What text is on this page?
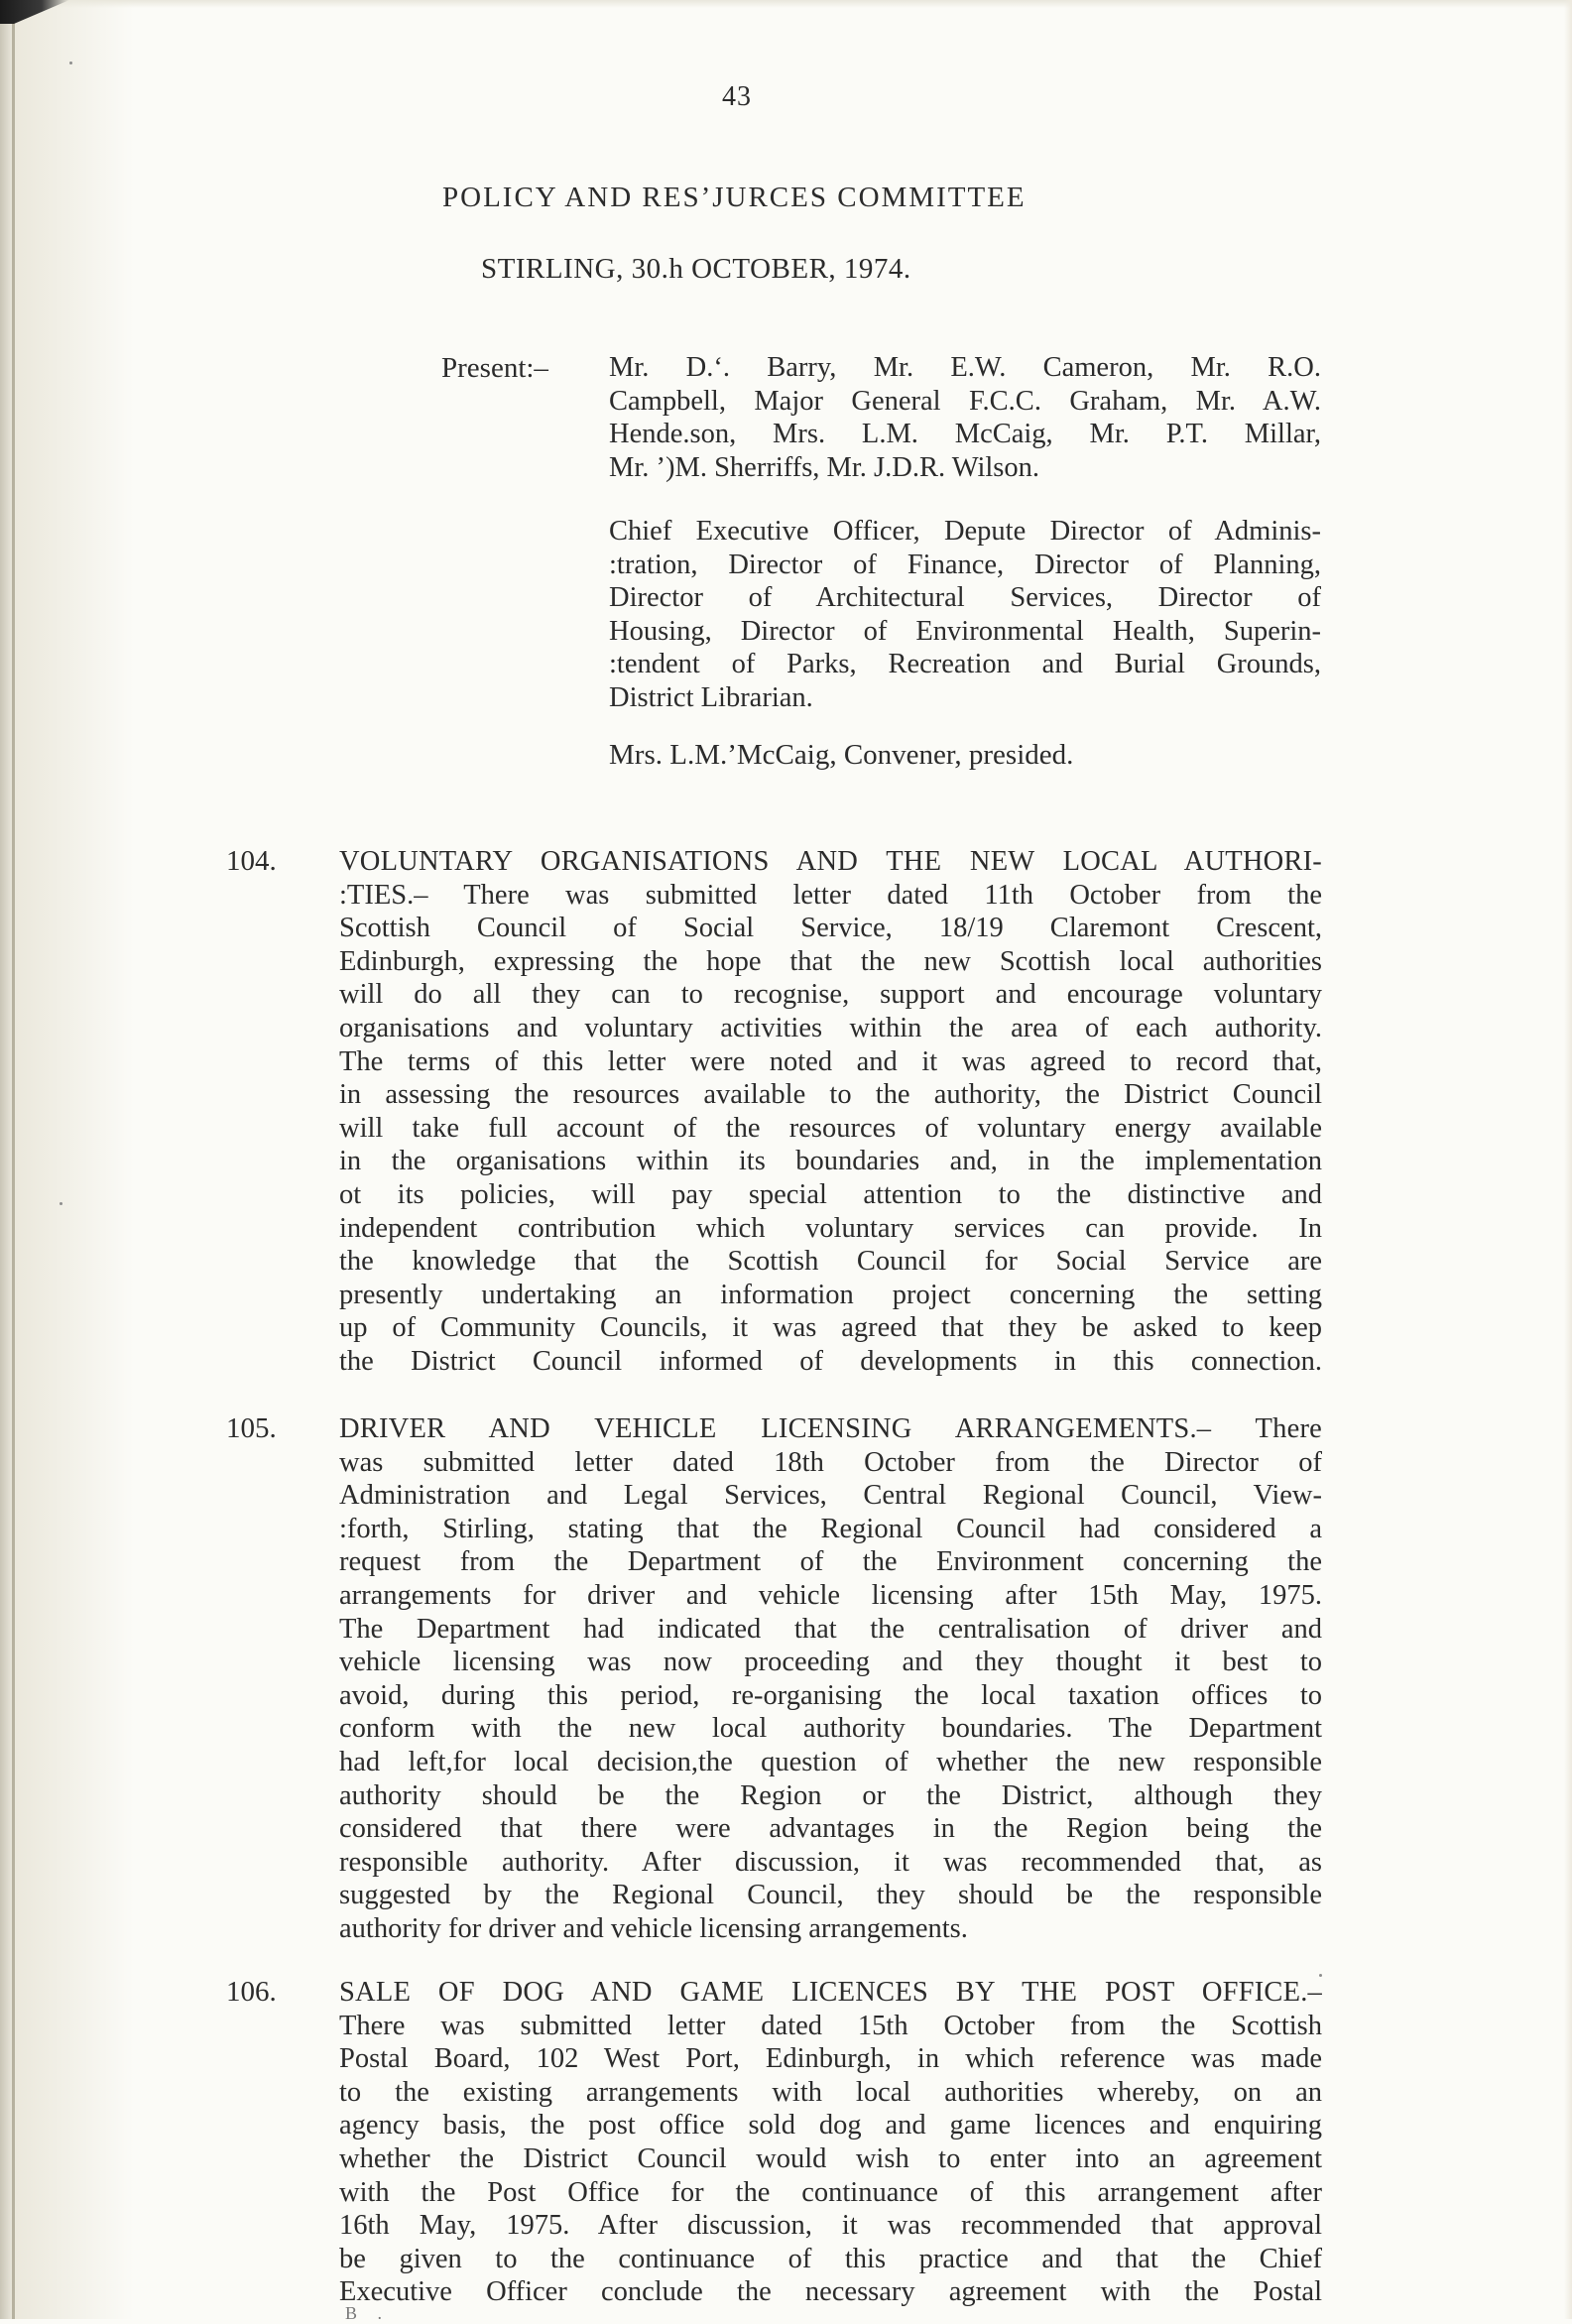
43
POLICY AND RES’JURCES COMMITTEE
STIRLING, 30.h OCTOBER, 1974.
Present:– Mr. D.ʻ. Barry, Mr. E.W. Cameron, Mr. R.O.
Campbell, Major General F.C.C. Graham, Mr. A.W.
Hende.son, Mrs. L.M. McCaig, Mr. P.T. Millar,
Mr. ’)M. Sherriffs, Mr. J.D.R. Wilson.
Chief Executive Officer, Depute Director of Adminis-
:tration, Director of Finance, Director of Planning,
Director of Architectural Services, Director of
Housing, Director of Environmental Health, Superin-
:tendent of Parks, Recreation and Burial Grounds,
District Librarian.
Mrs. L.M.’McCaig, Convener, presided.
104. VOLUNTARY ORGANISATIONS AND THE NEW LOCAL AUTHORI-
:TIES.– There was submitted letter dated 11th October from the
Scottish Council of Social Service, 18/19 Claremont Crescent,
Edinburgh, expressing the hope that the new Scottish local authorities
will do all they can to recognise, support and encourage voluntary
organisations and voluntary activities within the area of each authority.
The terms of this letter were noted and it was agreed to record that,
in assessing the resources available to the authority, the District Council
will take full account of the resources of voluntary energy available
in the organisations within its boundaries and, in the implementation
ot its policies, will pay special attention to the distinctive and
independent contribution which voluntary services can provide. In
the knowledge that the Scottish Council for Social Service are
presently undertaking an information project concerning the setting
up of Community Councils, it was agreed that they be asked to keep
the District Council informed of developments in this connection.
105. DRIVER AND VEHICLE LICENSING ARRANGEMENTS.– There
was submitted letter dated 18th October from the Director of
Administration and Legal Services, Central Regional Council, View-
:forth, Stirling, stating that the Regional Council had considered a
request from the Department of the Environment concerning the
arrangements for driver and vehicle licensing after 15th May, 1975.
The Department had indicated that the centralisation of driver and
vehicle licensing was now proceeding and they thought it best to
avoid, during this period, re-organising the local taxation offices to
conform with the new local authority boundaries. The Department
had left,for local decision,the question of whether the new responsible
authority should be the Region or the District, although they
considered that there were advantages in the Region being the
responsible authority. After discussion, it was recommended that, as
suggested by the Regional Council, they should be the responsible
authority for driver and vehicle licensing arrangements.
106. SALE OF DOG AND GAME LICENCES BY THE POST OFFICE.–
There was submitted letter dated 15th October from the Scottish
Postal Board, 102 West Port, Edinburgh, in which reference was made
to the existing arrangements with local authorities whereby, on an
agency basis, the post office sold dog and game licences and enquiring
whether the District Council would wish to enter into an agreement
with the Post Office for the continuance of this arrangement after
16th May, 1975. After discussion, it was recommended that approval
be given to the continuance of this practice and that the Chief
Executive Officer conclude the necessary agreement with the Postal
B .
